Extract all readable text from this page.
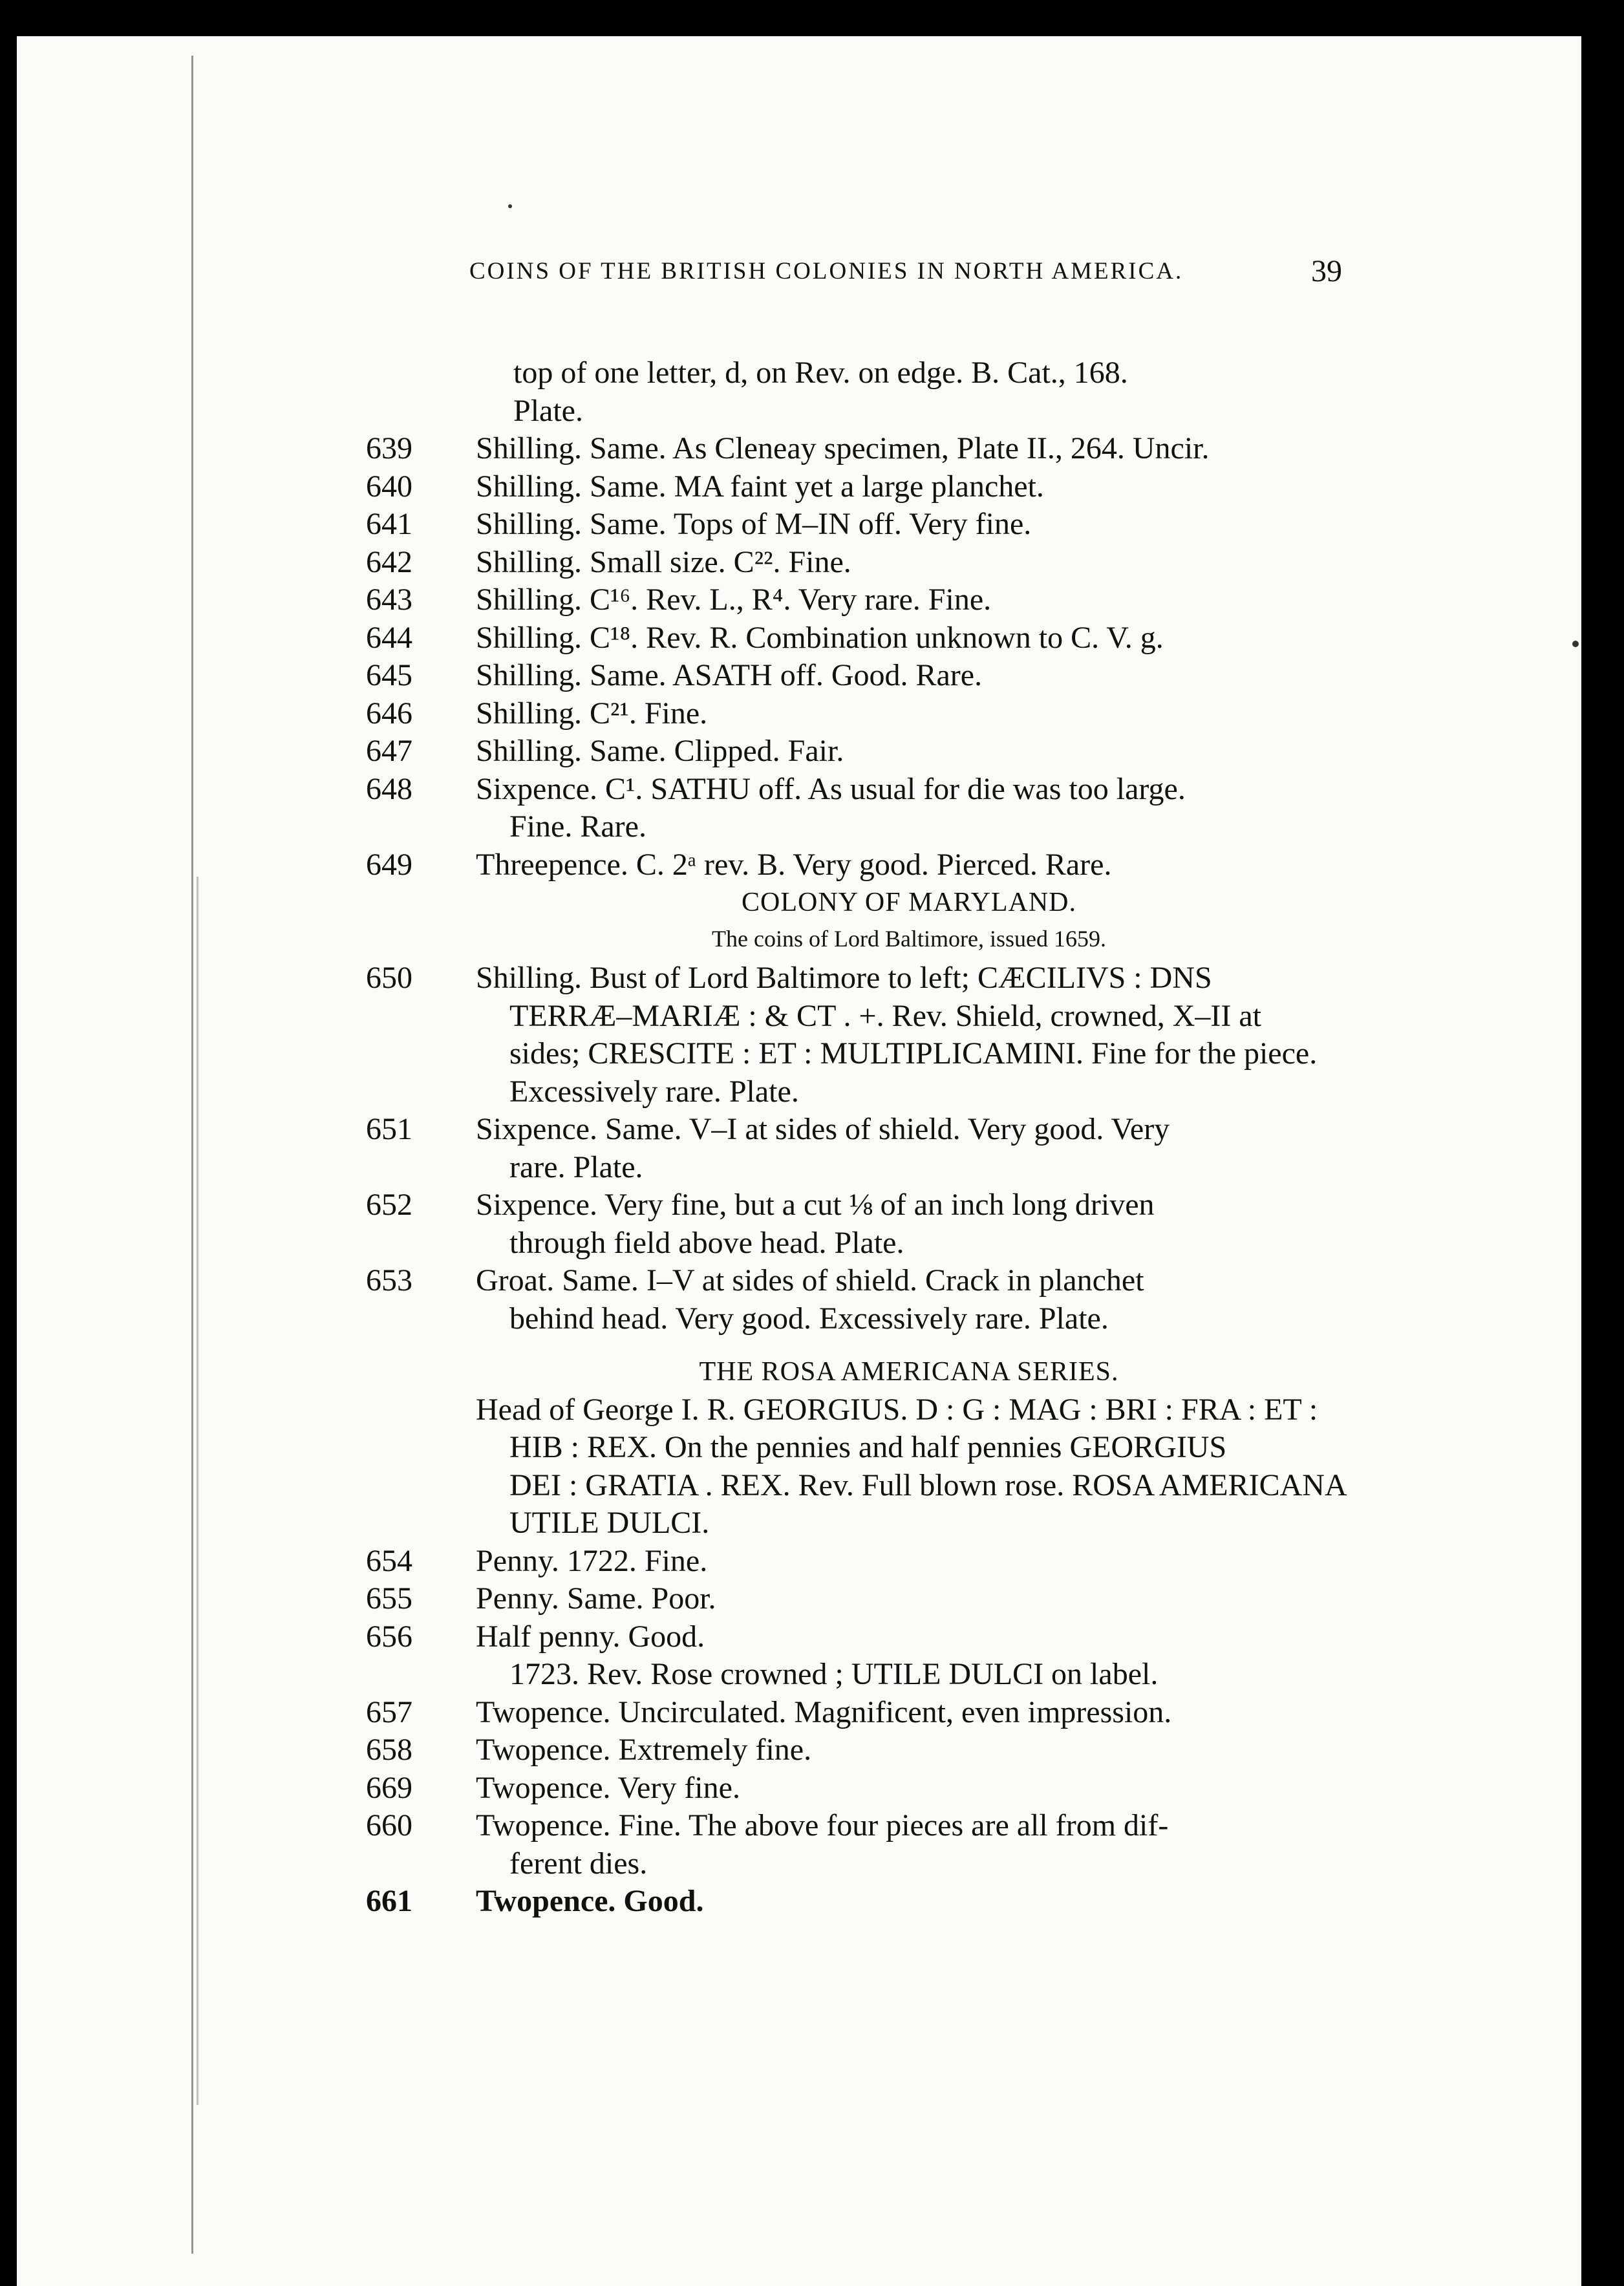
COINS OF THE BRITISH COLONIES IN NORTH AMERICA.	39
top of one letter, d, on Rev. on edge. B. Cat., 168.
Plate.
639	Shilling. Same. As Cleneay specimen, Plate II., 264. Uncir.
640	Shilling. Same. MA faint yet a large planchet.
641	Shilling. Same. Tops of M–IN off. Very fine.
642	Shilling. Small size. C²². Fine.
643	Shilling. C¹⁶. Rev. L., R⁴. Very rare. Fine.
644	Shilling. C¹⁸. Rev. R. Combination unknown to C. V. g.
645	Shilling. Same. ASATH off. Good. Rare.
646	Shilling. C²¹. Fine.
647	Shilling. Same. Clipped. Fair.
648	Sixpence. C¹. SATHU off. As usual for die was too large.
Fine. Rare.
649	Threepence. C. 2ᵃ rev. B. Very good. Pierced. Rare.
COLONY OF MARYLAND.
The coins of Lord Baltimore, issued 1659.
650	Shilling. Bust of Lord Baltimore to left; CÆCILIVS : DNS
TERRÆ–MARIÆ : & CT . +. Rev. Shield, crowned, X–II at
sides; CRESCITE : ET : MULTIPLICAMINI. Fine for the piece.
Excessively rare. Plate.
651	Sixpence. Same. V–I at sides of shield. Very good. Very
rare. Plate.
652	Sixpence. Very fine, but a cut ⅛ of an inch long driven
through field above head. Plate.
653	Groat. Same. I–V at sides of shield. Crack in planchet
behind head. Very good. Excessively rare. Plate.
THE ROSA AMERICANA SERIES.
Head of George I. R. GEORGIUS. D : G : MAG : BRI : FRA : ET :
HIB : REX. On the pennies and half pennies GEORGIUS
DEI : GRATIA . REX. Rev. Full blown rose. ROSA AMERICANA
UTILE DULCI.
654	Penny. 1722. Fine.
655	Penny. Same. Poor.
656	Half penny. Good.
1723. Rev. Rose crowned ; UTILE DULCI on label.
657	Twopence. Uncirculated. Magnificent, even impression.
658	Twopence. Extremely fine.
669	Twopence. Very fine.
660	Twopence. Fine. The above four pieces are all from dif-
ferent dies.
661	Twopence. Good.
